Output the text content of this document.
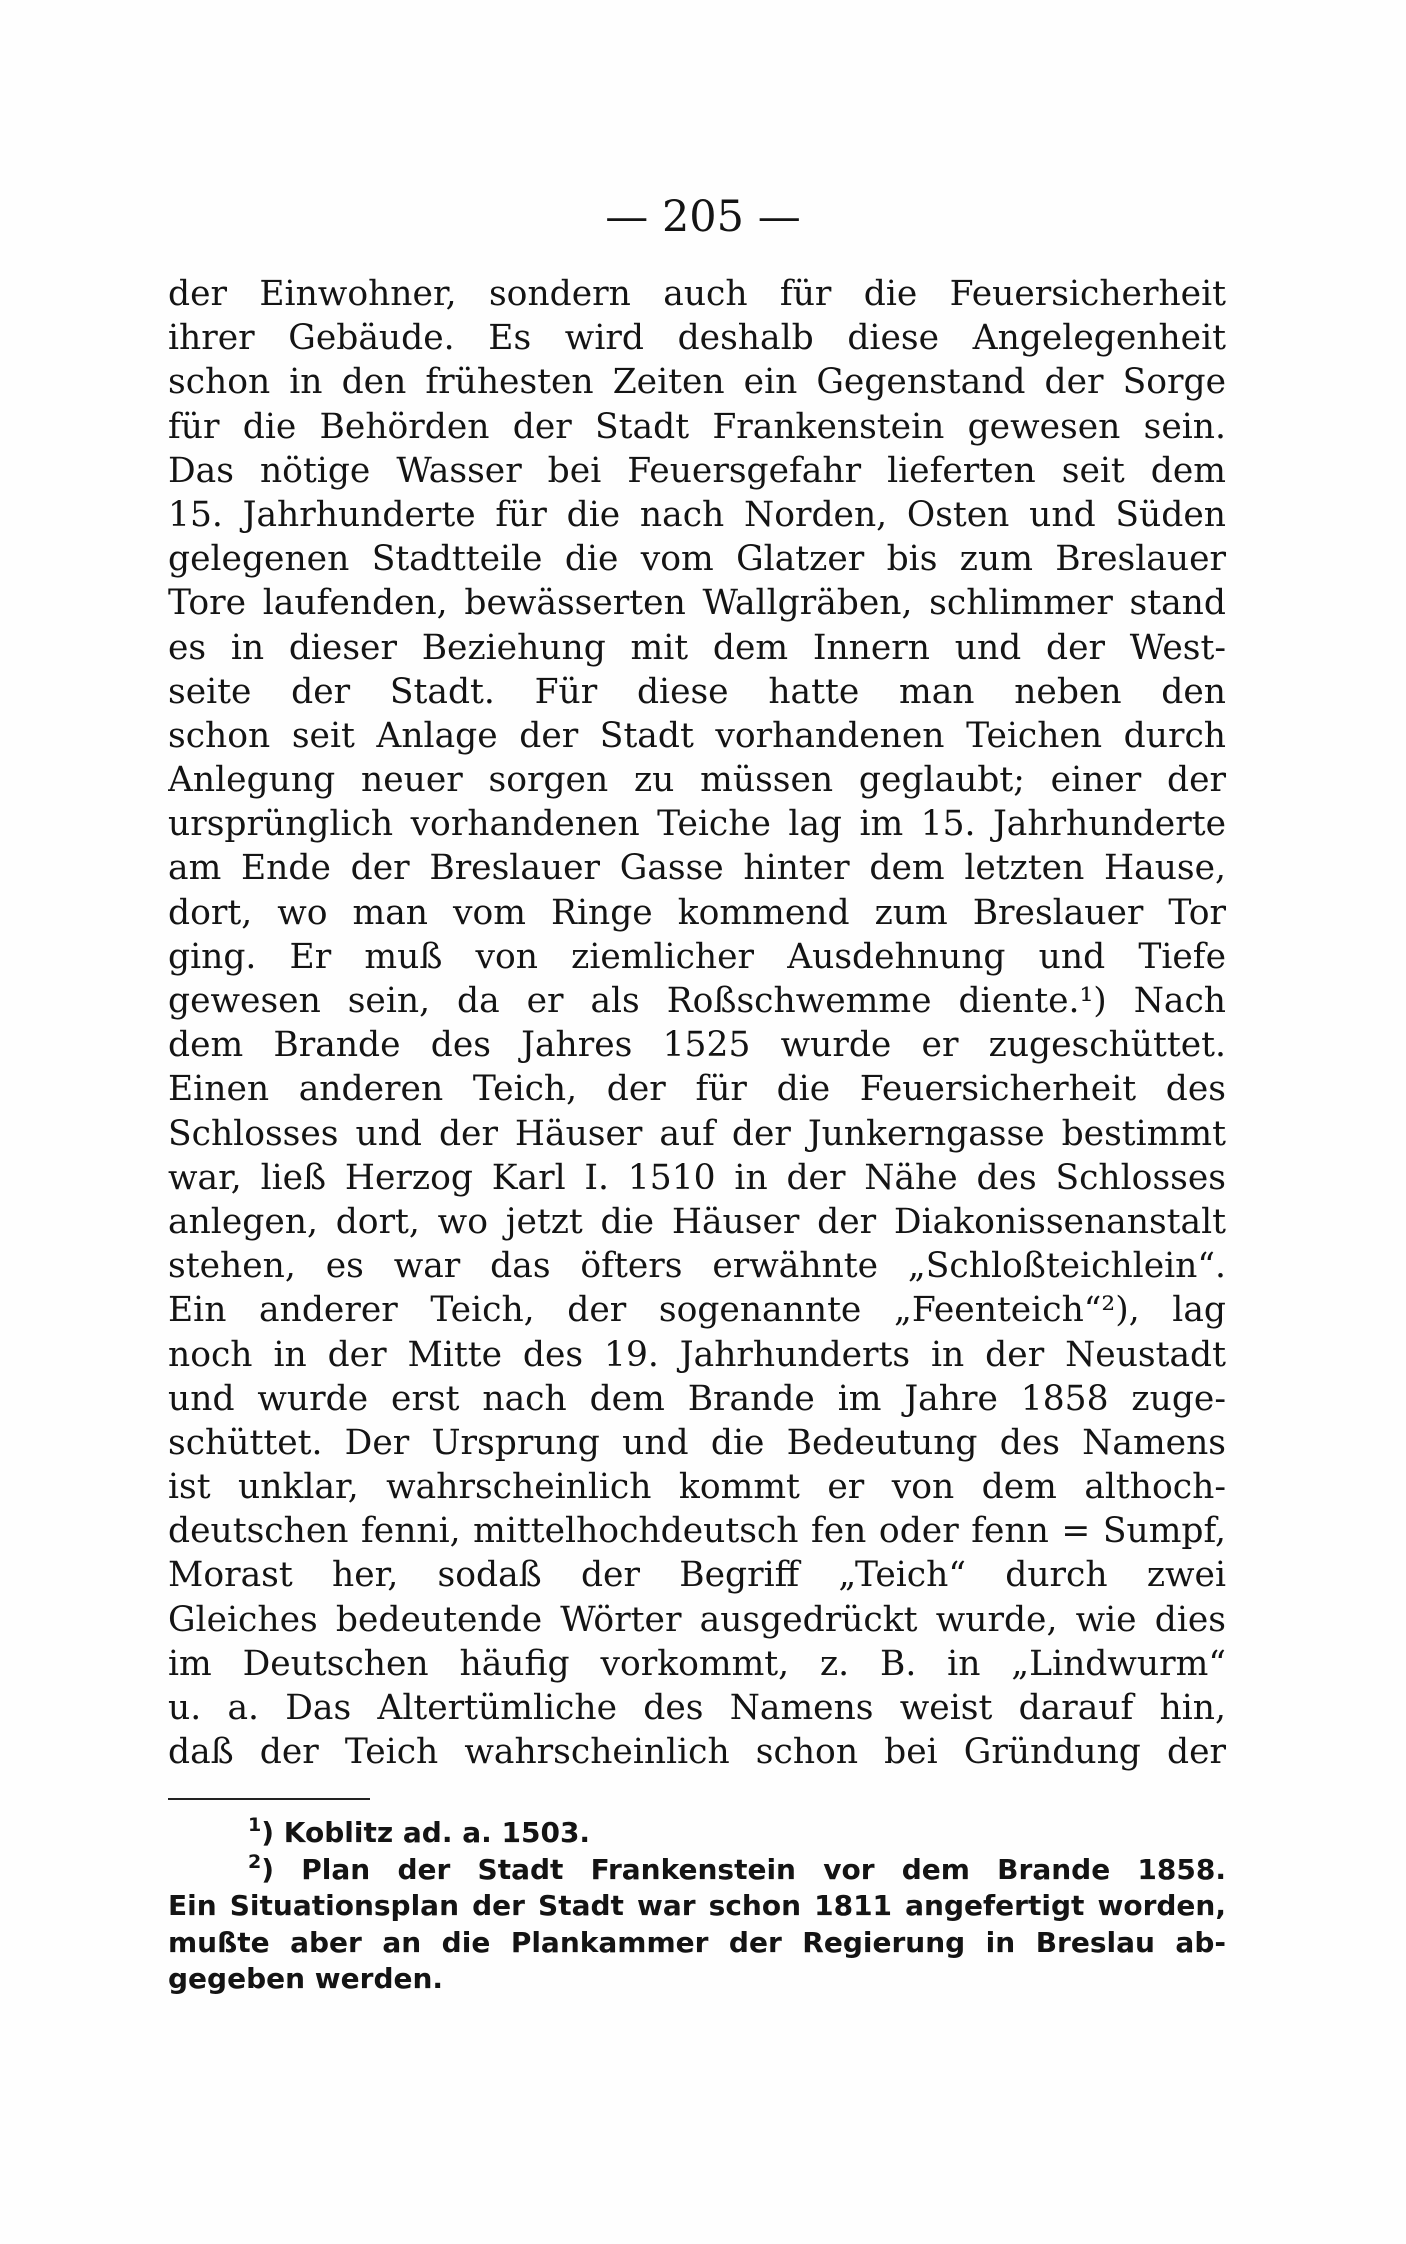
— 205 —
der Einwohner, sondern auch für die Feuersicherheit
ihrer Gebäude. Es wird deshalb diese Angelegenheit
schon in den frühesten Zeiten ein Gegenstand der Sorge
für die Behörden der Stadt Frankenstein gewesen sein.
Das nötige Wasser bei Feuersgefahr lieferten seit dem
15. Jahrhunderte für die nach Norden, Osten und Süden
gelegenen Stadtteile die vom Glatzer bis zum Breslauer
Tore laufenden, bewässerten Wallgräben, schlimmer stand
es in dieser Beziehung mit dem Innern und der West-
seite der Stadt. Für diese hatte man neben den
schon seit Anlage der Stadt vorhandenen Teichen durch
Anlegung neuer sorgen zu müssen geglaubt; einer der
ursprünglich vorhandenen Teiche lag im 15. Jahrhunderte
am Ende der Breslauer Gasse hinter dem letzten Hause,
dort, wo man vom Ringe kommend zum Breslauer Tor
ging. Er muß von ziemlicher Ausdehnung und Tiefe
gewesen sein, da er als Roßschwemme diente.¹) Nach
dem Brande des Jahres 1525 wurde er zugeschüttet.
Einen anderen Teich, der für die Feuersicherheit des
Schlosses und der Häuser auf der Junkerngasse bestimmt
war, ließ Herzog Karl I. 1510 in der Nähe des Schlosses
anlegen, dort, wo jetzt die Häuser der Diakonissenanstalt
stehen, es war das öfters erwähnte „Schloßteichlein“.
Ein anderer Teich, der sogenannte „Feenteich“²), lag
noch in der Mitte des 19. Jahrhunderts in der Neustadt
und wurde erst nach dem Brande im Jahre 1858 zuge-
schüttet. Der Ursprung und die Bedeutung des Namens
ist unklar, wahrscheinlich kommt er von dem althoch-
deutschen fenni, mittelhochdeutsch fen oder fenn = Sumpf,
Morast her, sodaß der Begriff „Teich“ durch zwei
Gleiches bedeutende Wörter ausgedrückt wurde, wie dies
im Deutschen häufig vorkommt, z. B. in „Lindwurm“
u. a. Das Altertümliche des Namens weist darauf hin,
daß der Teich wahrscheinlich schon bei Gründung der
$^1$) Koblitz ad. a. 1503.
$^2$) Plan der Stadt Frankenstein vor dem Brande 1858.
Ein Situationsplan der Stadt war schon 1811 angefertigt worden,
mußte aber an die Plankammer der Regierung in Breslau ab-
gegeben werden.
